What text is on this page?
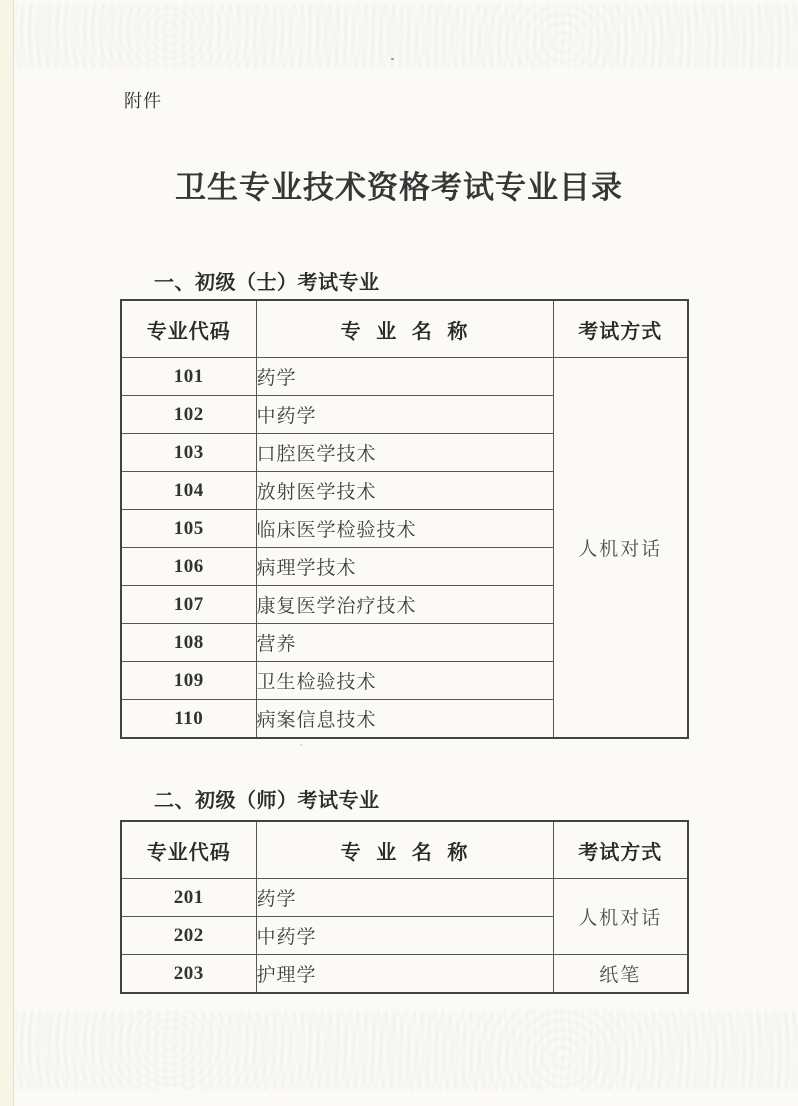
附件
卫生专业技术资格考试专业目录
一、初级（士）考试专业
专业代码	专 业 名 称	考试方式
101	药学	人机对话
102	中药学	
103	口腔医学技术	
104	放射医学技术	
105	临床医学检验技术	
106	病理学技术	
107	康复医学治疗技术	
108	营养	
109	卫生检验技术	
110	病案信息技术	
二、初级（师）考试专业
专业代码	专 业 名 称	考试方式
201	药学	人机对话
202	中药学	
203	护理学	纸笔
